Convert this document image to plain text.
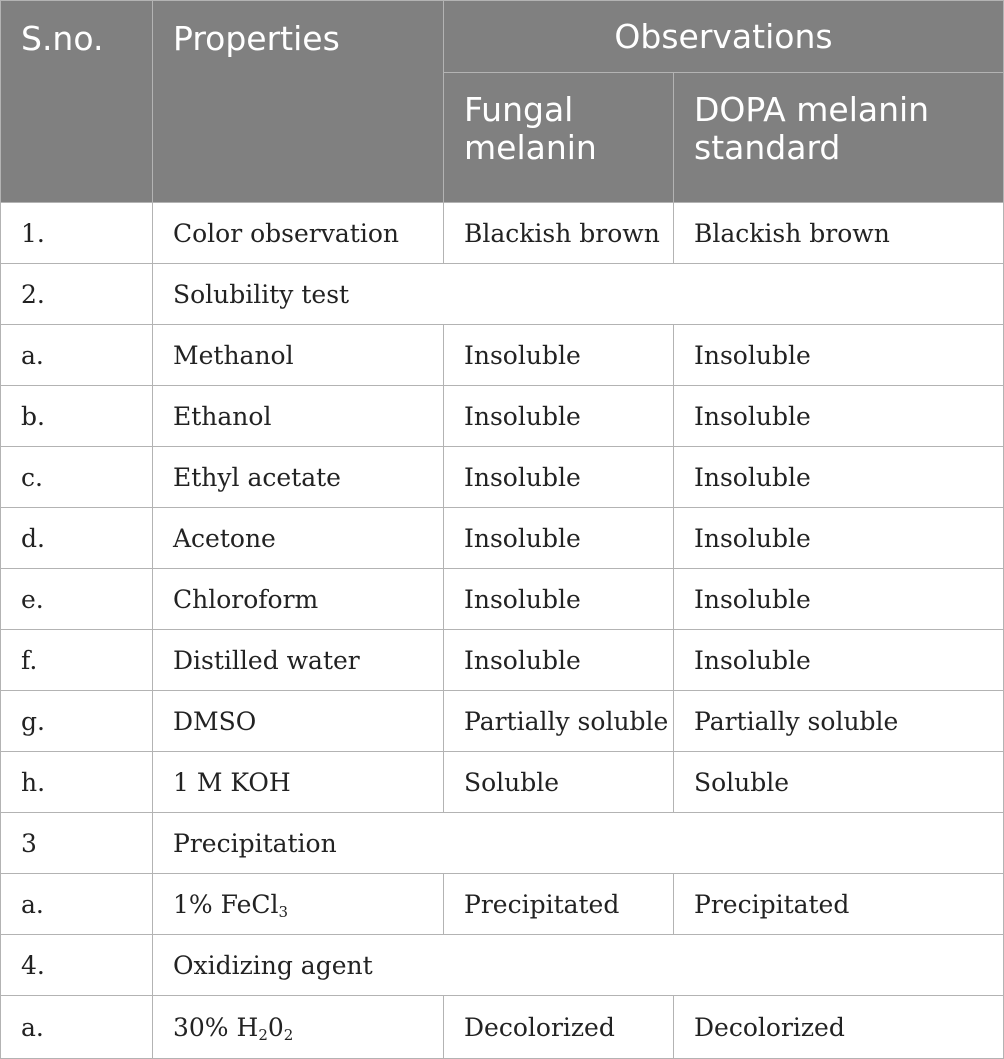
S.no.	Properties	Observations	
		Fungal melanin	DOPA melanin standard
1.	Color observation	Blackish brown	Blackish brown
2.	Solubility test		
a.	Methanol	Insoluble	Insoluble
b.	Ethanol	Insoluble	Insoluble
c.	Ethyl acetate	Insoluble	Insoluble
d.	Acetone	Insoluble	Insoluble
e.	Chloroform	Insoluble	Insoluble
f.	Distilled water	Insoluble	Insoluble
g.	DMSO	Partially soluble	Partially soluble
h.	1 M KOH	Soluble	Soluble
3	Precipitation		
a.	1% FeCl$_3$	Precipitated	Precipitated
4.	Oxidizing agent		
a.	30% $H_20_2$	Decolorized	Decolorized
